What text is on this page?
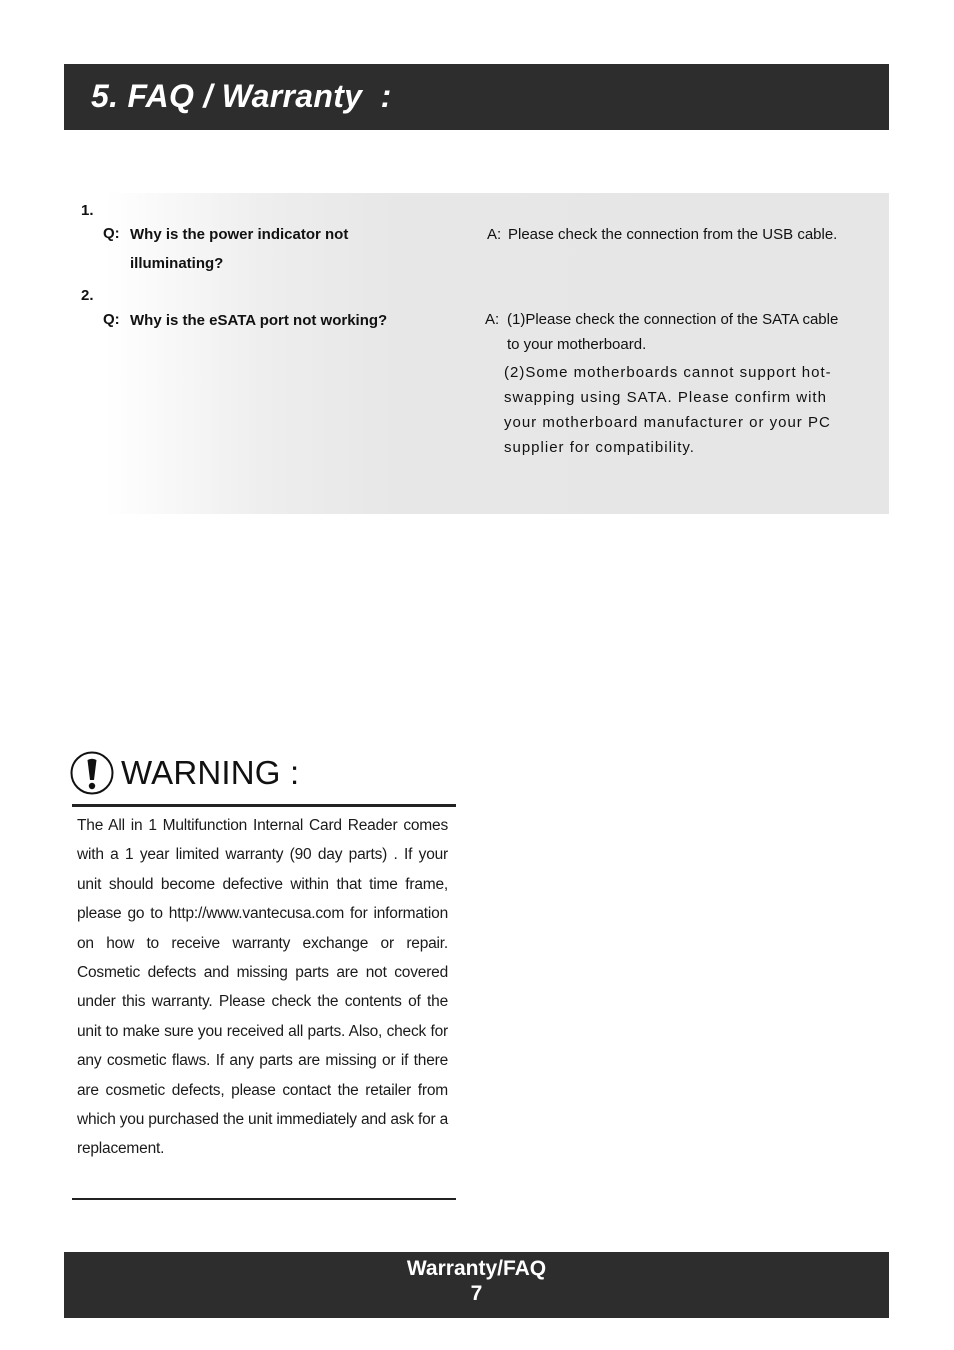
5. FAQ / Warranty  :
1.
Q: Why is the power indicator not
illuminating?
A: Please check the connection from the USB cable.
2.
Q: Why is the eSATA port not working?	A: (1)Please check the connection of the SATA cable
to your motherboard.
(2)Some motherboards cannot support hot-
swapping using SATA. Please confirm with
your motherboard manufacturer or your PC
supplier for compatibility.
WARNING :
The All in 1 Multifunction Internal Card Reader comes with a 1 year limited warranty (90 day parts) . If your unit should become defective within that time frame, please go to http://www.vantecusa.com for information on how to receive warranty exchange or repair. Cosmetic defects and missing parts are not covered under this warranty. Please check the contents of the unit to make sure you received all parts. Also, check for any cosmetic flaws. If any parts are missing or if there are cosmetic defects, please contact the retailer from which you purchased the unit immediately and ask for a replacement.
Warranty/FAQ
7
